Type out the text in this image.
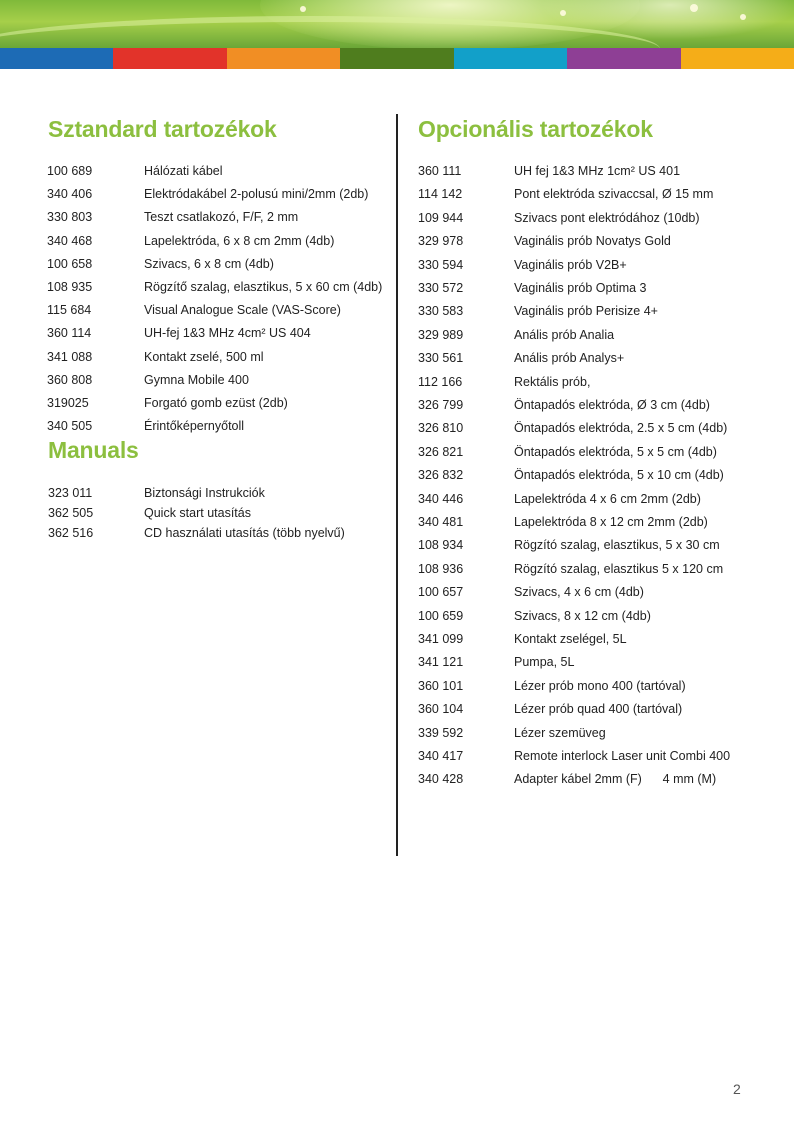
Sztandard tartozékok
Manuals
Opcionális tartozékok
100 689	Hálózati kábel
340 406	Elektródakábel 2-polusú mini/2mm (2db)
330 803	Teszt csatlakozó, F/F, 2 mm
340 468	Lapelektróda, 6 x 8 cm 2mm (4db)
100 658	Szivacs, 6 x 8 cm (4db)
108 935	Rögzítő szalag, elasztikus, 5 x 60 cm (4db)
115 684	Visual Analogue Scale (VAS-Score)
360 114	UH-fej 1&3 MHz 4cm² US 404
341 088	Kontakt zselé, 500 ml
360 808	Gymna Mobile 400
319025	Forgató gomb ezüst (2db)
340 505	Érintőképernyőtoll
323 011	Biztonsági Instrukciók
362 505	Quick start utasítás
362 516	CD használati utasítás (több nyelvű)
360 111	UH fej 1&3 MHz 1cm² US 401
114 142	Pont elektróda szivaccsal, Ø 15 mm
109 944	Szivacs pont elektródához (10db)
329 978	Vaginális prób Novatys Gold
330 594	Vaginális prób V2B+
330 572	Vaginális prób Optima 3
330 583	Vaginális prób Perisize 4+
329 989	Anális prób Analia
330 561	Anális prób Analys+
112 166	Rektális prób,
326 799	Öntapadós elektróda, Ø 3 cm (4db)
326 810	Öntapadós elektróda, 2.5 x 5 cm (4db)
326 821	Öntapadós elektróda, 5 x 5 cm (4db)
326 832	Öntapadós elektróda, 5 x 10 cm (4db)
340 446	Lapelektróda 4 x 6 cm 2mm (2db)
340 481	Lapelektróda 8 x 12 cm 2mm (2db)
108 934	Rögzító szalag, elasztikus, 5 x 30 cm
108 936	Rögzító szalag, elasztikus 5 x 120 cm
100 657	Szivacs, 4 x 6 cm (4db)
100 659	Szivacs, 8 x 12 cm (4db)
341 099	Kontakt zselégel, 5L
341 121	Pumpa, 5L
360 101	Lézer prób mono 400 (tartóval)
360 104	Lézer prób quad 400 (tartóval)
339 592	Lézer szemüveg
340 417	Remote interlock Laser unit Combi 400
340 428	Adapter kábel 2mm (F)      4 mm (M)
2
